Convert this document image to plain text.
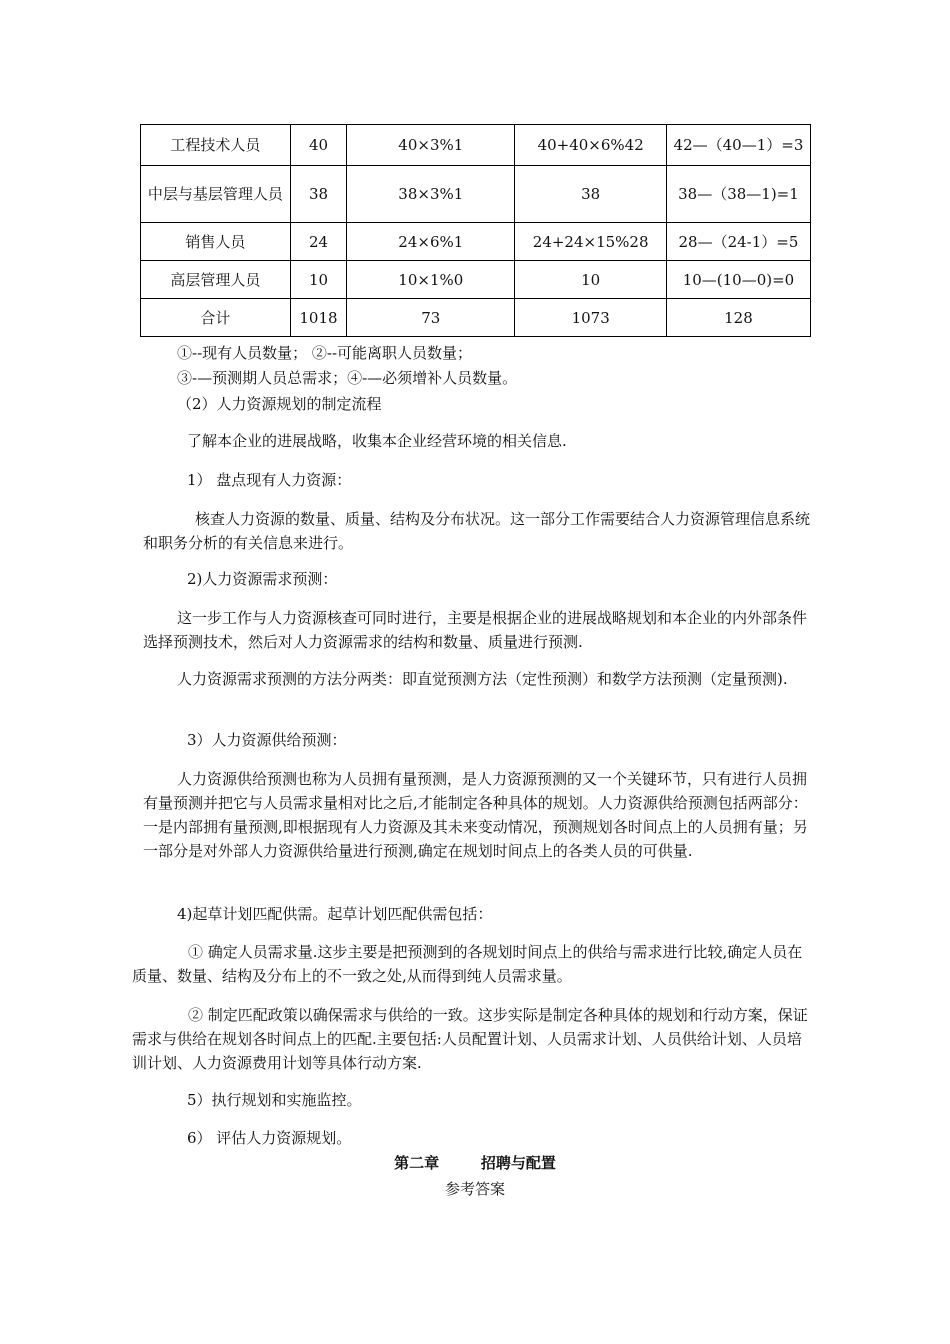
工程技术人员	40	40×3%1	40+40×6%42	42—（40—1）=3
中层与基层管理人员	38	38×3%1	38	38—（38—1)=1
销售人员	24	24×6%1	24+24×15%28	28—（24-1）=5
高层管理人员	10	10×1%0	10	10—(10—0)=0
合计	1018	73	1073	128
①--现有人员数量； ②--可能离职人员数量；
③-—预测期人员总需求；④-—必须增补人员数量。
（2）人力资源规划的制定流程
了解本企业的进展战略，收集本企业经营环境的相关信息.
1） 盘点现有人力资源：
核查人力资源的数量、质量、结构及分布状况。这一部分工作需要结合人力资源管理信息系统和职务分析的有关信息来进行。
2)人力资源需求预测：
这一步工作与人力资源核查可同时进行，主要是根据企业的进展战略规划和本企业的内外部条件选择预测技术，然后对人力资源需求的结构和数量、质量进行预测.
人力资源需求预测的方法分两类：即直觉预测方法（定性预测）和数学方法预测（定量预测).
3）人力资源供给预测：
人力资源供给预测也称为人员拥有量预测，是人力资源预测的又一个关键环节，只有进行人员拥有量预测并把它与人员需求量相对比之后,才能制定各种具体的规划。人力资源供给预测包括两部分：一是内部拥有量预测,即根据现有人力资源及其未来变动情况，预测规划各时间点上的人员拥有量；另一部分是对外部人力资源供给量进行预测,确定在规划时间点上的各类人员的可供量.
4)起草计划匹配供需。起草计划匹配供需包括：
① 确定人员需求量.这步主要是把预测到的各规划时间点上的供给与需求进行比较,确定人员在质量、数量、结构及分布上的不一致之处,从而得到纯人员需求量。
② 制定匹配政策以确保需求与供给的一致。这步实际是制定各种具体的规划和行动方案，保证需求与供给在规划各时间点上的匹配.主要包括:人员配置计划、人员需求计划、人员供给计划、人员培训计划、人力资源费用计划等具体行动方案.
5）执行规划和实施监控。
6） 评估人力资源规划。
第二章        招聘与配置
参考答案
